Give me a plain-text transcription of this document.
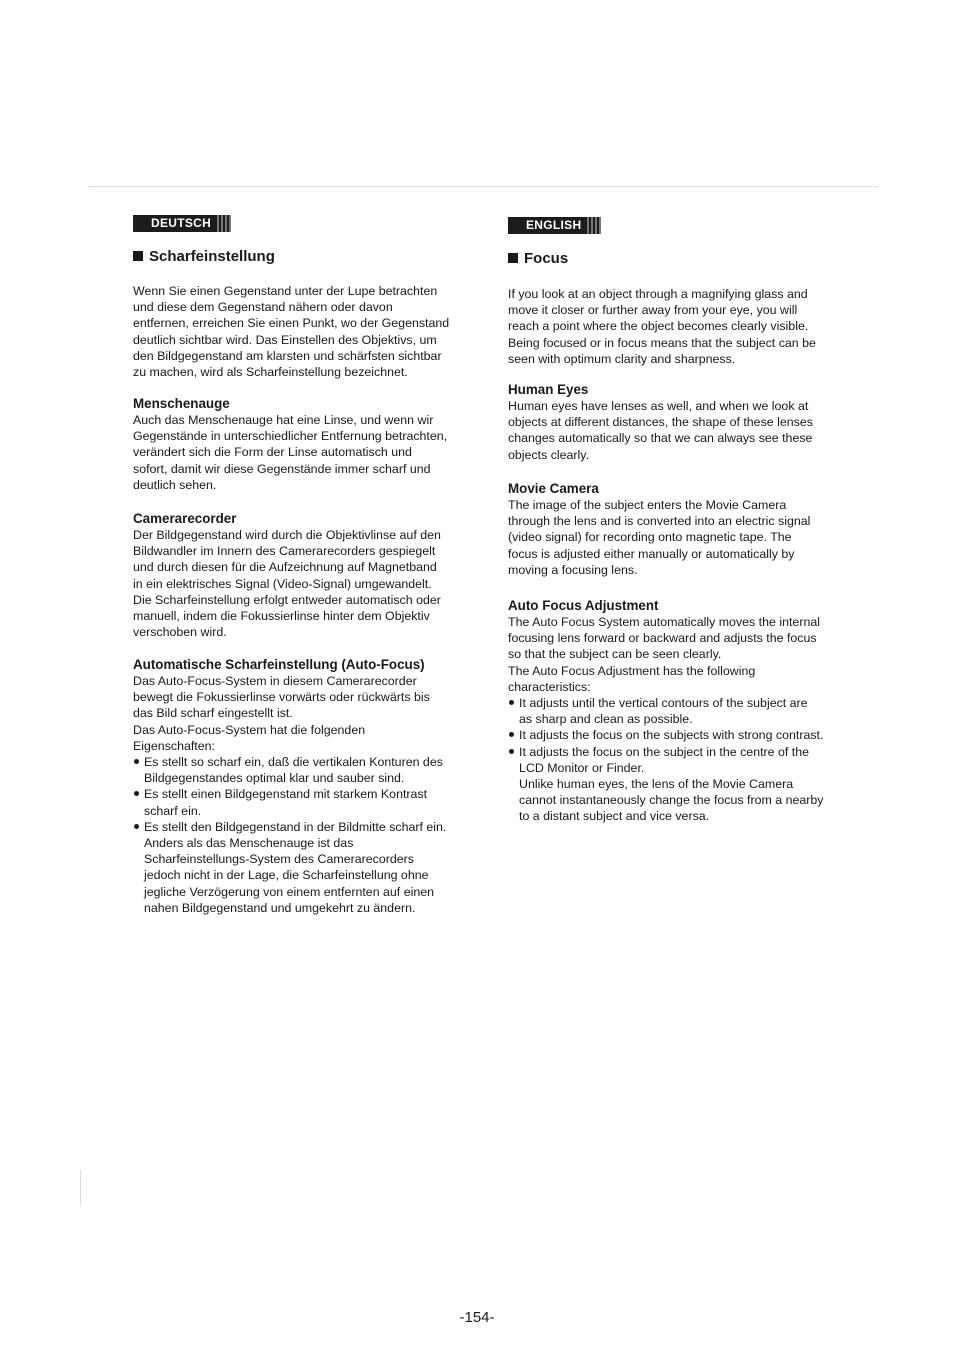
DEUTSCH
Scharfeinstellung

Wenn Sie einen Gegenstand unter der Lupe betrachten

und diese dem Gegenstand nähern oder davon

entfernen, erreichen Sie einen Punkt, wo der Gegenstand

deutlich sichtbar wird. Das Einstellen des Objektivs, um

den Bildgegenstand am klarsten und schärfsten sichtbar

zu machen, wird als Scharfeinstellung bezeichnet.

Menschenauge

Auch das Menschenauge hat eine Linse, und wenn wir

Gegenstände in unterschiedlicher Entfernung betrachten,

verändert sich die Form der Linse automatisch und

sofort, damit wir diese Gegenstände immer scharf und

deutlich sehen.

Camerarecorder

Der Bildgegenstand wird durch die Objektivlinse auf den

Bildwandler im Innern des Camerarecorders gespiegelt

und durch diesen für die Aufzeichnung auf Magnetband

in ein elektrisches Signal (Video-Signal) umgewandelt.

Die Scharfeinstellung erfolgt entweder automatisch oder

manuell, indem die Fokussierlinse hinter dem Objektiv

verschoben wird.

Automatische Scharfeinstellung (Auto-Focus)

Das Auto-Focus-System in diesem Camerarecorder

bewegt die Fokussierlinse vorwärts oder rückwärts bis

das Bild scharf eingestellt ist.

Das Auto-Focus-System hat die folgenden

Eigenschaften:

Es stellt so scharf ein, daß die vertikalen Konturen des

Bildgegenstandes optimal klar und sauber sind.

Es stellt einen Bildgegenstand mit starkem Kontrast

scharf ein.

Es stellt den Bildgegenstand in der Bildmitte scharf ein.

Anders als das Menschenauge ist das

Scharfeinstellungs-System des Camerarecorders

jedoch nicht in der Lage, die Scharfeinstellung ohne

jegliche Verzögerung von einem entfernten auf einen

nahen Bildgegenstand und umgekehrt zu ändern.

ENGLISH
Focus

If you look at an object through a magnifying glass and

move it closer or further away from your eye, you will

reach a point where the object becomes clearly visible.

Being focused or in focus means that the subject can be

seen with optimum clarity and sharpness.

Human Eyes

Human eyes have lenses as well, and when we look at

objects at different distances, the shape of these lenses

changes automatically so that we can always see these

objects clearly.

Movie Camera

The image of the subject enters the Movie Camera

through the lens and is converted into an electric signal

(video signal) for recording onto magnetic tape. The

focus is adjusted either manually or automatically by

moving a focusing lens.

Auto Focus Adjustment

The Auto Focus System automatically moves the internal

focusing lens forward or backward and adjusts the focus

so that the subject can be seen clearly.

The Auto Focus Adjustment has the following

characteristics:

It adjusts until the vertical contours of the subject are

as sharp and clean as possible.

It adjusts the focus on the subjects with strong contrast.

It adjusts the focus on the subject in the centre of the

LCD Monitor or Finder.

Unlike human eyes, the lens of the Movie Camera

cannot instantaneously change the focus from a nearby

to a distant subject and vice versa.

-154-
